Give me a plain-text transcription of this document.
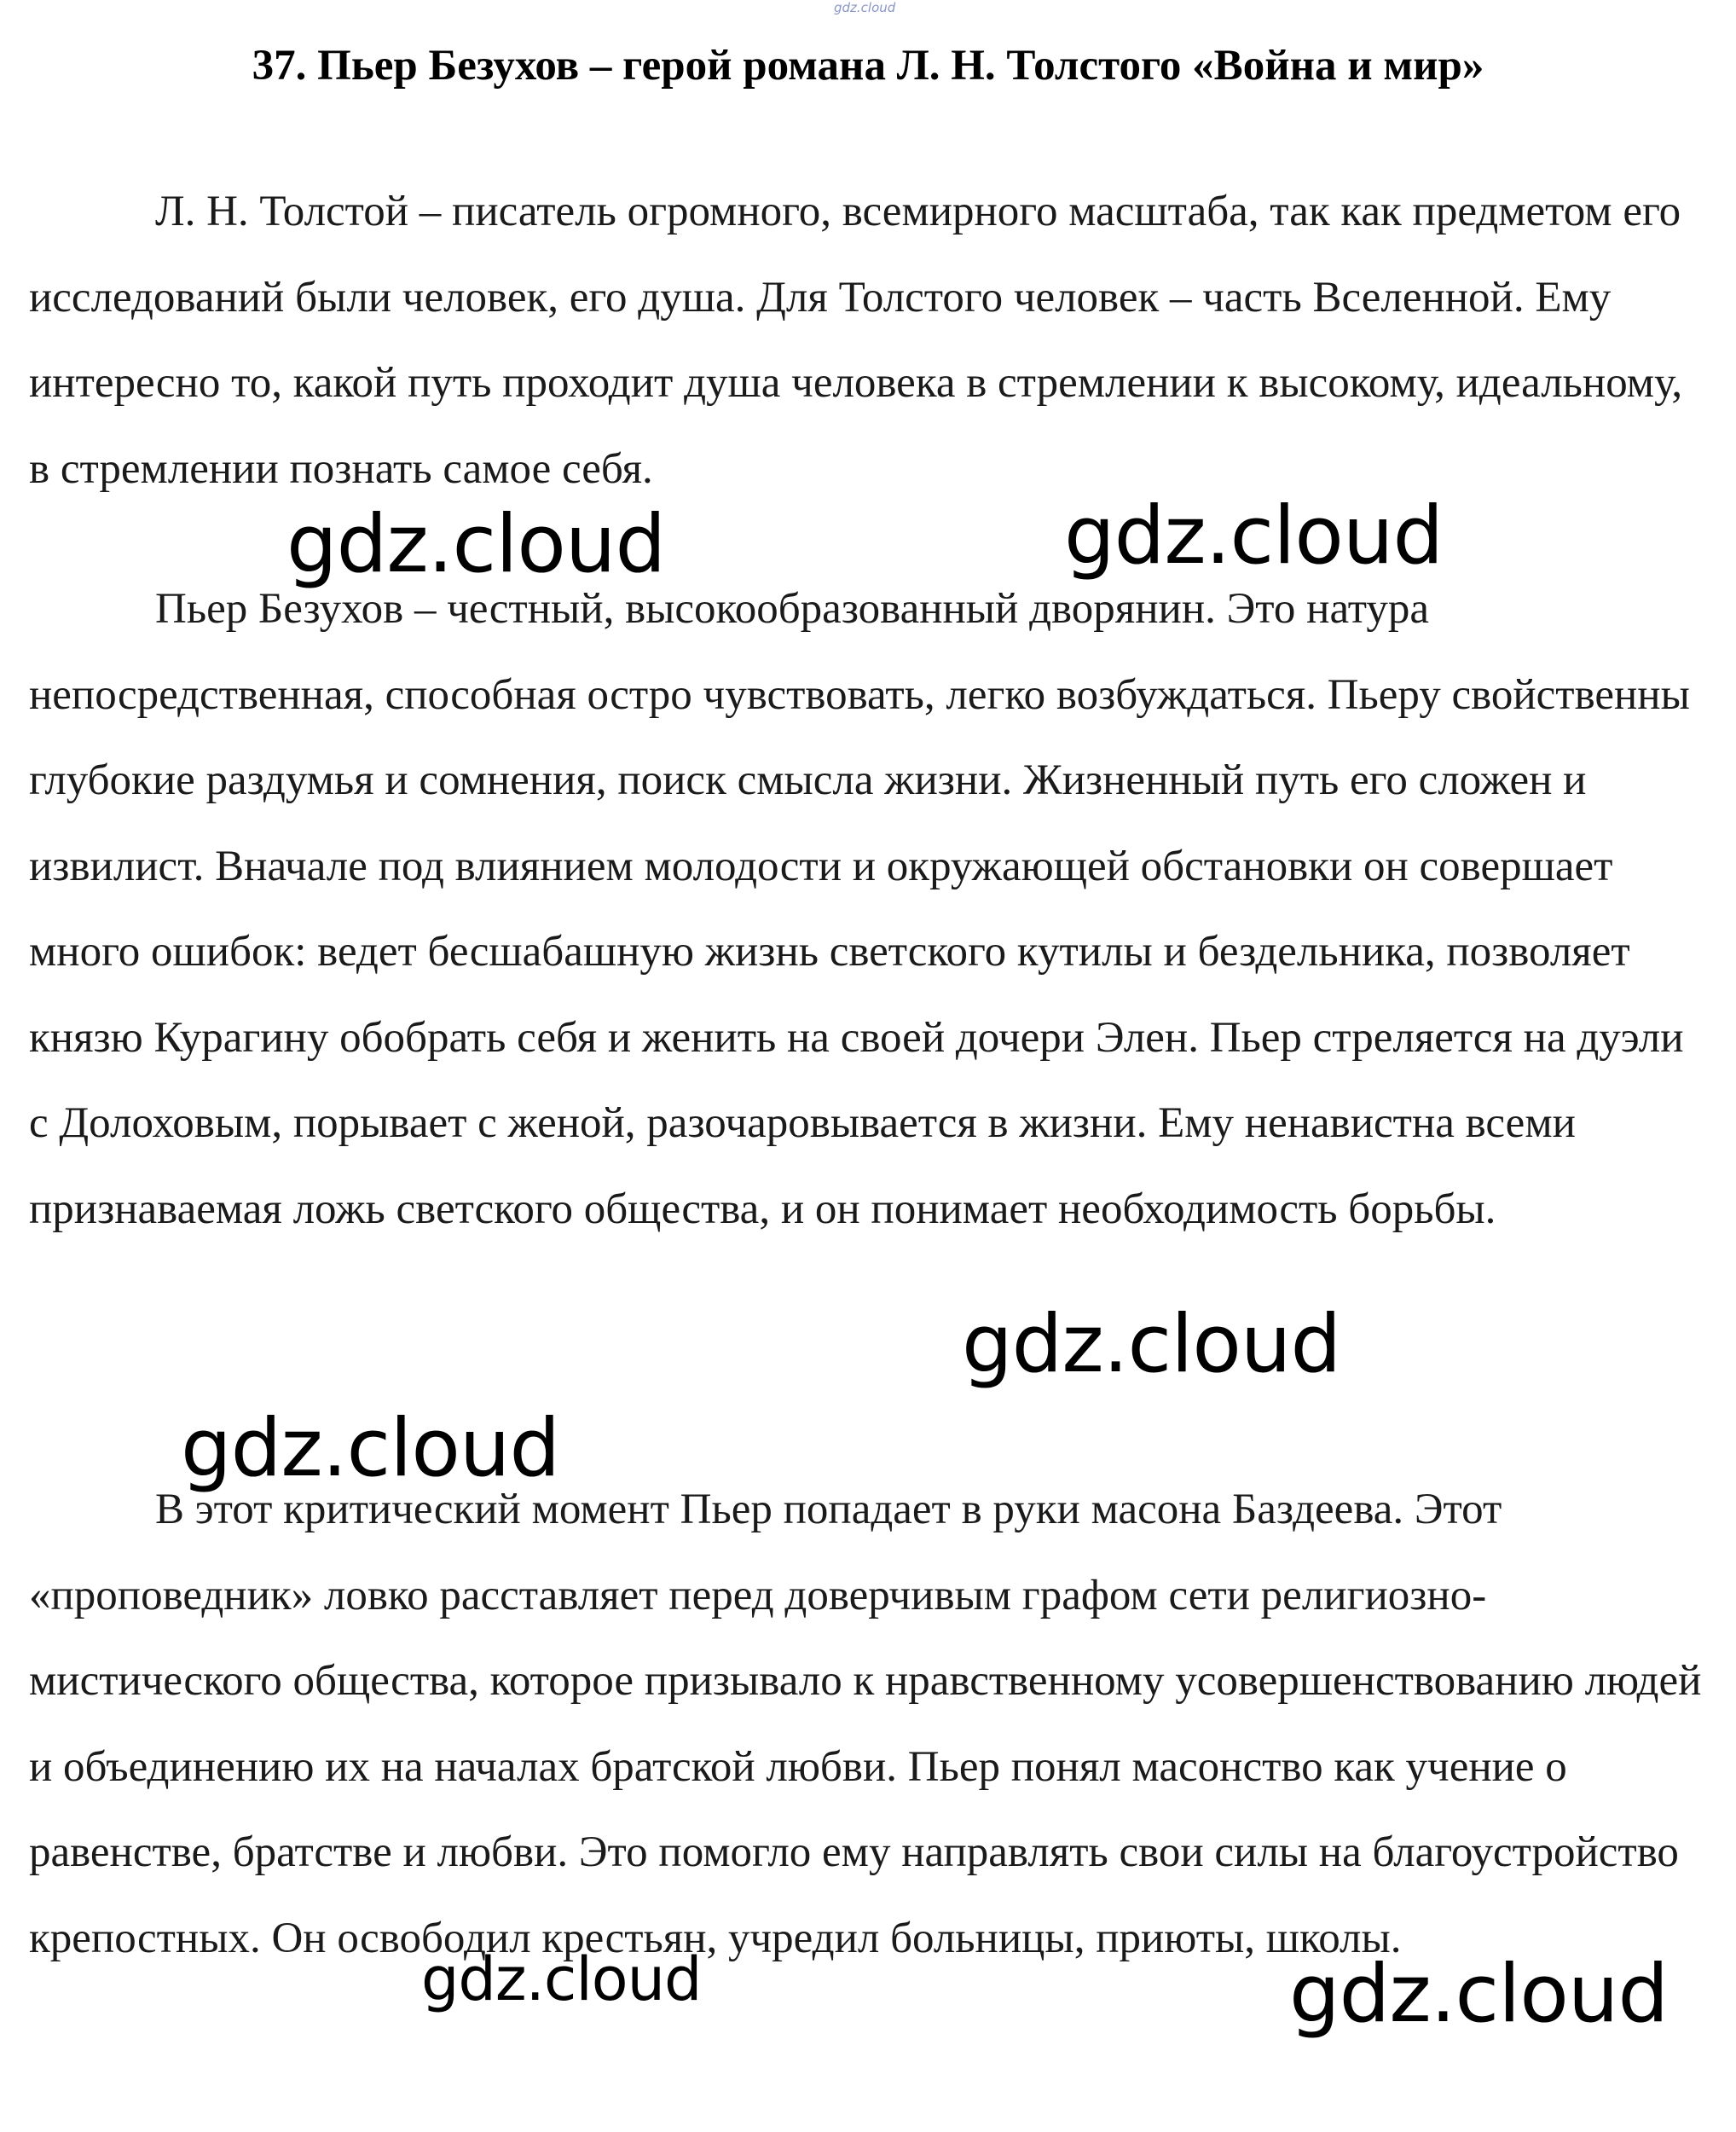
gdz.cloud
37. Пьер Безухов – герой романа Л. Н. Толстого «Война и мир»

Л. Н. Толстой – писатель огромного, всемирного масштаба, так как предметом его исследований были человек, его душа. Для Толстого человек – часть Вселенной. Ему интересно то, какой путь проходит душа человека в стремлении к высокому, идеальному, в стремлении познать самое себя.

Пьер Безухов – честный, высокообразованный дворянин. Это натура непосредственная, способная остро чувствовать, легко возбуждаться. Пьеру свойственны глубокие раздумья и сомнения, поиск смысла жизни. Жизненный путь его сложен и извилист. Вначале под влиянием молодости и окружающей обстановки он совершает много ошибок: ведет бесшабашную жизнь светского кутилы и бездельника, позволяет князю Курагину обобрать себя и женить на своей дочери Элен. Пьер стреляется на дуэли с Долоховым, порывает с женой, разочаровывается в жизни. Ему ненавистна всеми признаваемая ложь светского общества, и он понимает необходимость борьбы.

В этот критический момент Пьер попадает в руки масона Баздеева. Этот «проповедник» ловко расставляет перед доверчивым графом сети религиозно-мистического общества, которое призывало к нравственному усовершенствованию людей и объединению их на началах братской любви. Пьер понял масонство как учение о равенстве, братстве и любви. Это помогло ему направлять свои силы на благоустройство крепостных. Он освободил крестьян, учредил больницы, приюты, школы.

gdz.cloud	gdz.cloud
gdz.cloud
gdz.cloud
gdz.cloud	gdz.cloud
